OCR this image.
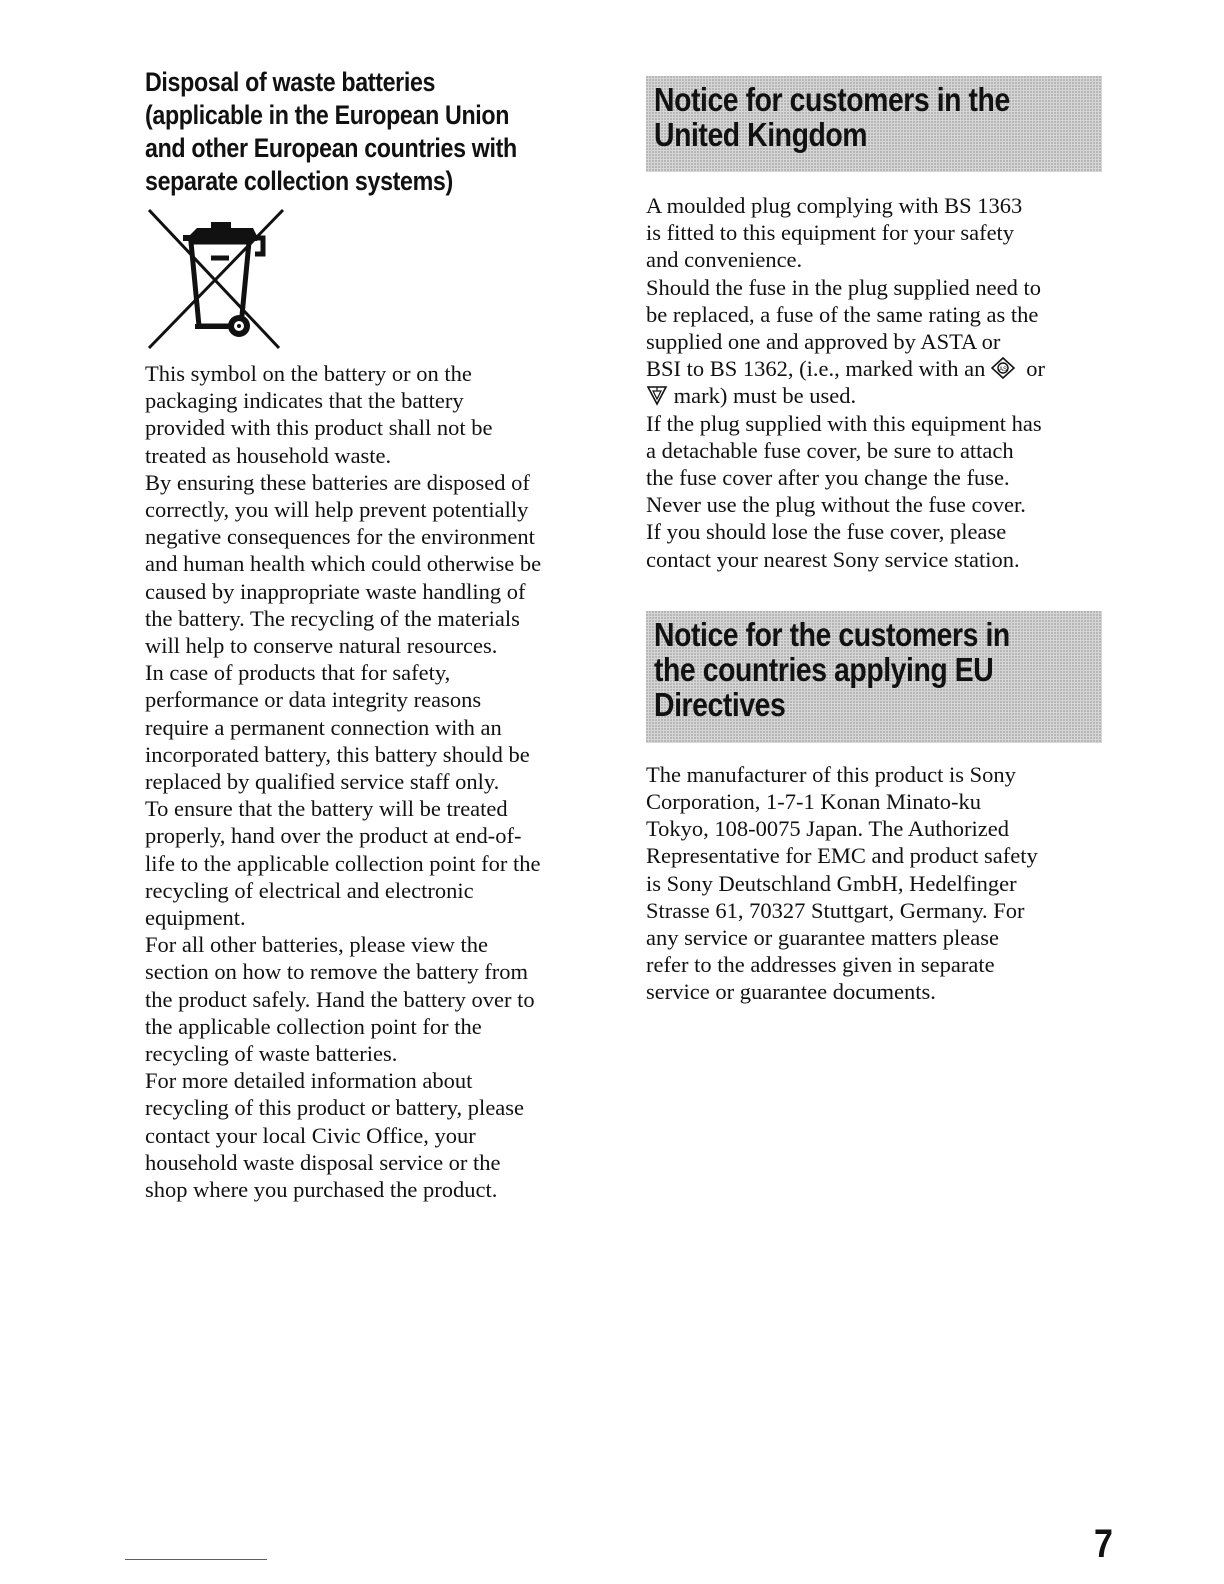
Disposal of waste batteries
(applicable in the European Union
and other European countries with
separate collection systems)
This symbol on the battery or on the
packaging indicates that the battery
provided with this product shall not be
treated as household waste.
By ensuring these batteries are disposed of
correctly, you will help prevent potentially
negative consequences for the environment
and human health which could otherwise be
caused by inappropriate waste handling of
the battery. The recycling of the materials
will help to conserve natural resources.
In case of products that for safety,
performance or data integrity reasons
require a permanent connection with an
incorporated battery, this battery should be
replaced by qualified service staff only.
To ensure that the battery will be treated
properly, hand over the product at end-of-
life to the applicable collection point for the
recycling of electrical and electronic
equipment.
For all other batteries, please view the
section on how to remove the battery from
the product safely. Hand the battery over to
the applicable collection point for the
recycling of waste batteries.
For more detailed information about
recycling of this product or battery, please
contact your local Civic Office, your
household waste disposal service or the
shop where you purchased the product.
Notice for customers in the
United Kingdom
A moulded plug complying with BS 1363
is fitted to this equipment for your safety
and convenience.
Should the fuse in the plug supplied need to
be replaced, a fuse of the same rating as the
supplied one and approved by ASTA or
BSI to BS 1362, (i.e., marked with an AS or
mark) must be used.
If the plug supplied with this equipment has
a detachable fuse cover, be sure to attach
the fuse cover after you change the fuse.
Never use the plug without the fuse cover.
If you should lose the fuse cover, please
contact your nearest Sony service station.
Notice for the customers in
the countries applying EU
Directives
The manufacturer of this product is Sony
Corporation, 1-7-1 Konan Minato-ku
Tokyo, 108-0075 Japan. The Authorized
Representative for EMC and product safety
is Sony Deutschland GmbH, Hedelfinger
Strasse 61, 70327 Stuttgart, Germany. For
any service or guarantee matters please
refer to the addresses given in separate
service or guarantee documents.
7
